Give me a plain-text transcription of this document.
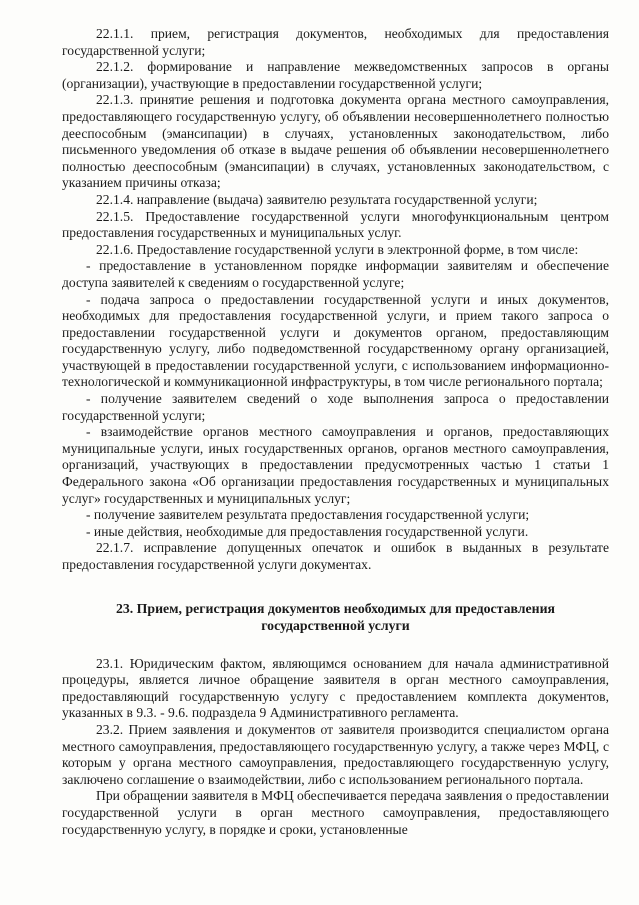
22.1.1. прием, регистрация документов, необходимых для предоставления государственной услуги;

22.1.2. формирование и направление межведомственных запросов в органы (организации), участвующие в предоставлении государственной услуги;

22.1.3. принятие решения и подготовка документа органа местного самоуправления, предоставляющего государственную услугу, об объявлении несовершеннолетнего полностью дееспособным (эмансипации) в случаях, установленных законодательством, либо письменного уведомления об отказе в выдаче решения об объявлении несовершеннолетнего полностью дееспособным (эмансипации) в случаях, установленных законодательством, с указанием причины отказа;

22.1.4. направление (выдача) заявителю результата государственной услуги;

22.1.5. Предоставление государственной услуги многофункциональным центром предоставления государственных и муниципальных услуг.

22.1.6. Предоставление государственной услуги в электронной форме, в том числе:

- предоставление в установленном порядке информации заявителям и обеспечение доступа заявителей к сведениям о государственной услуге;

- подача запроса о предоставлении государственной услуги и иных документов, необходимых для предоставления государственной услуги, и прием такого запроса о предоставлении государственной услуги и документов органом, предоставляющим государственную услугу, либо подведомственной государственному органу организацией, участвующей в предоставлении государственной услуги, с использованием информационно-технологической и коммуникационной инфраструктуры, в том числе регионального портала;

- получение заявителем сведений о ходе выполнения запроса о предоставлении государственной услуги;

- взаимодействие органов местного самоуправления и органов, предоставляющих муниципальные услуги, иных государственных органов, органов местного самоуправления, организаций, участвующих в предоставлении предусмотренных частью 1 статьи 1 Федерального закона «Об организации предоставления государственных и муниципальных услуг» государственных и муниципальных услуг;

- получение заявителем результата предоставления государственной услуги;

- иные действия, необходимые для предоставления государственной услуги.

22.1.7. исправление допущенных опечаток и ошибок в выданных в результате предоставления государственной услуги документах.

23. Прием, регистрация документов необходимых для предоставления государственной услуги

23.1. Юридическим фактом, являющимся основанием для начала административной процедуры, является личное обращение заявителя в орган местного самоуправления, предоставляющий государственную услугу с предоставлением комплекта документов, указанных в 9.3. - 9.6. подраздела 9 Административного регламента.

23.2. Прием заявления и документов от заявителя производится специалистом органа местного самоуправления, предоставляющего государственную услугу, а также через МФЦ, с которым у органа местного самоуправления, предоставляющего государственную услугу, заключено соглашение о взаимодействии, либо с использованием регионального портала.

При обращении заявителя в МФЦ обеспечивается передача заявления о предоставлении государственной услуги в орган местного самоуправления, предоставляющего государственную услугу, в порядке и сроки, установленные
